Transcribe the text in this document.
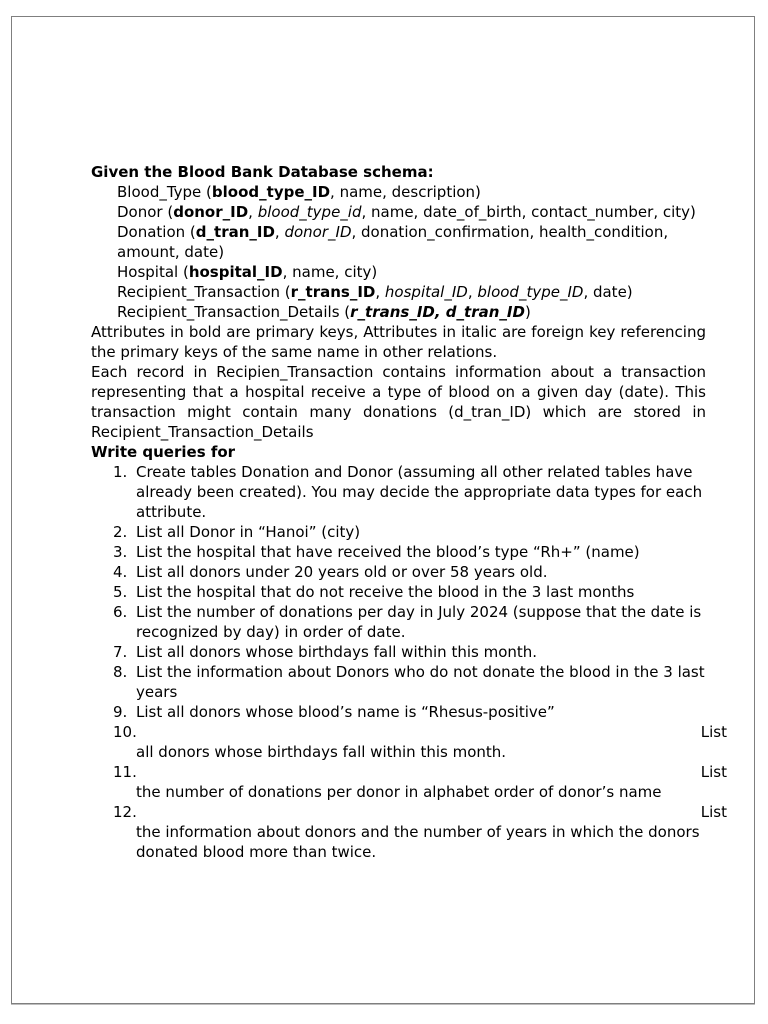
Given the Blood Bank Database schema:
Blood_Type (blood_type_ID, name, description)
Donor (donor_ID, blood_type_id, name, date_of_birth, contact_number, city)
Donation (d_tran_ID, donor_ID, donation_confirmation, health_condition,
amount, date)
Hospital (hospital_ID, name, city)
Recipient_Transaction (r_trans_ID, hospital_ID, blood_type_ID, date)
Recipient_Transaction_Details (r_trans_ID, d_tran_ID)
Attributes in bold are primary keys, Attributes in italic are foreign key referencing the primary keys of the same name in other relations.
Each record in Recipien_Transaction contains information about a transaction representing that a hospital receive a type of blood on a given day (date). This transaction might contain many donations (d_tran_ID) which are stored in Recipient_Transaction_Details
Write queries for
1. Create tables Donation and Donor (assuming all other related tables have
already been created). You may decide the appropriate data types for each
attribute.
2. List all Donor in “Hanoi” (city)
3. List the hospital that have received the blood’s type “Rh+” (name)
4. List all donors under 20 years old or over 58 years old.
5. List the hospital that do not receive the blood in the 3 last months
6. List the number of donations per day in July 2024 (suppose that the date is
recognized by day) in order of date.
7. List all donors whose birthdays fall within this month.
8. List the information about Donors who do not donate the blood in the 3 last
years
9. List all donors whose blood’s name is “Rhesus-positive”
10.	List
all donors whose birthdays fall within this month.
11.	List
the number of donations per donor in alphabet order of donor’s name
12.	List
the information about donors and the number of years in which the donors
donated blood more than twice.
